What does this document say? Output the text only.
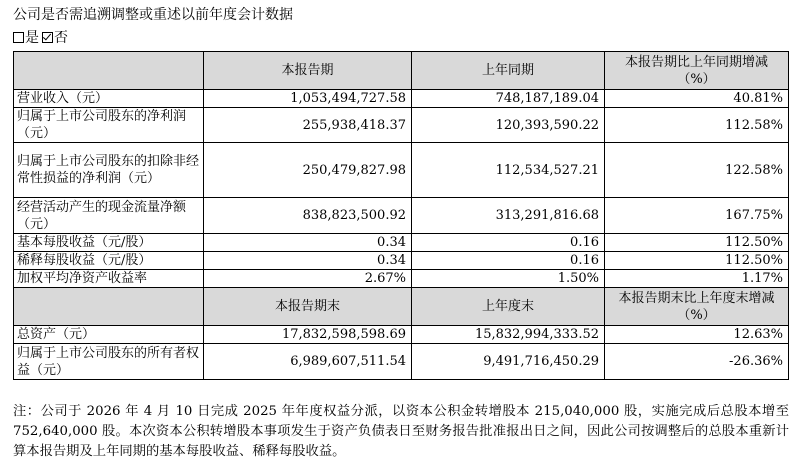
公司是否需追溯调整或重述以前年度会计数据
是 否
	本报告期	上年同期	本报告期比上年同期增减（%）
营业收入（元）	1,053,494,727.58	748,187,189.04	40.81%
归属于上市公司股东的净利润（元）	255,938,418.37	120,393,590.22	112.58%
归属于上市公司股东的扣除非经常性损益的净利润（元）	250,479,827.98	112,534,527.21	122.58%
经营活动产生的现金流量净额（元）	838,823,500.92	313,291,816.68	167.75%
基本每股收益（元/股）	0.34	0.16	112.50%
稀释每股收益（元/股）	0.34	0.16	112.50%
加权平均净资产收益率	2.67%	1.50%	1.17%
	本报告期末	上年度末	本报告期末比上年度末增减（%）
总资产（元）	17,832,598,598.69	15,832,994,333.52	12.63%
归属于上市公司股东的所有者权益（元）	6,989,607,511.54	9,491,716,450.29	-26.36%
注：公司于 2026 年 4 月 10 日完成 2025 年年度权益分派，以资本公积金转增股本 215,040,000 股，实施完成后总股本增至 752,640,000 股。本次资本公积转增股本事项发生于资产负债表日至财务报告批准报出日之间，因此公司按调整后的总股本重新计算本报告期及上年同期的基本每股收益、稀释每股收益。
